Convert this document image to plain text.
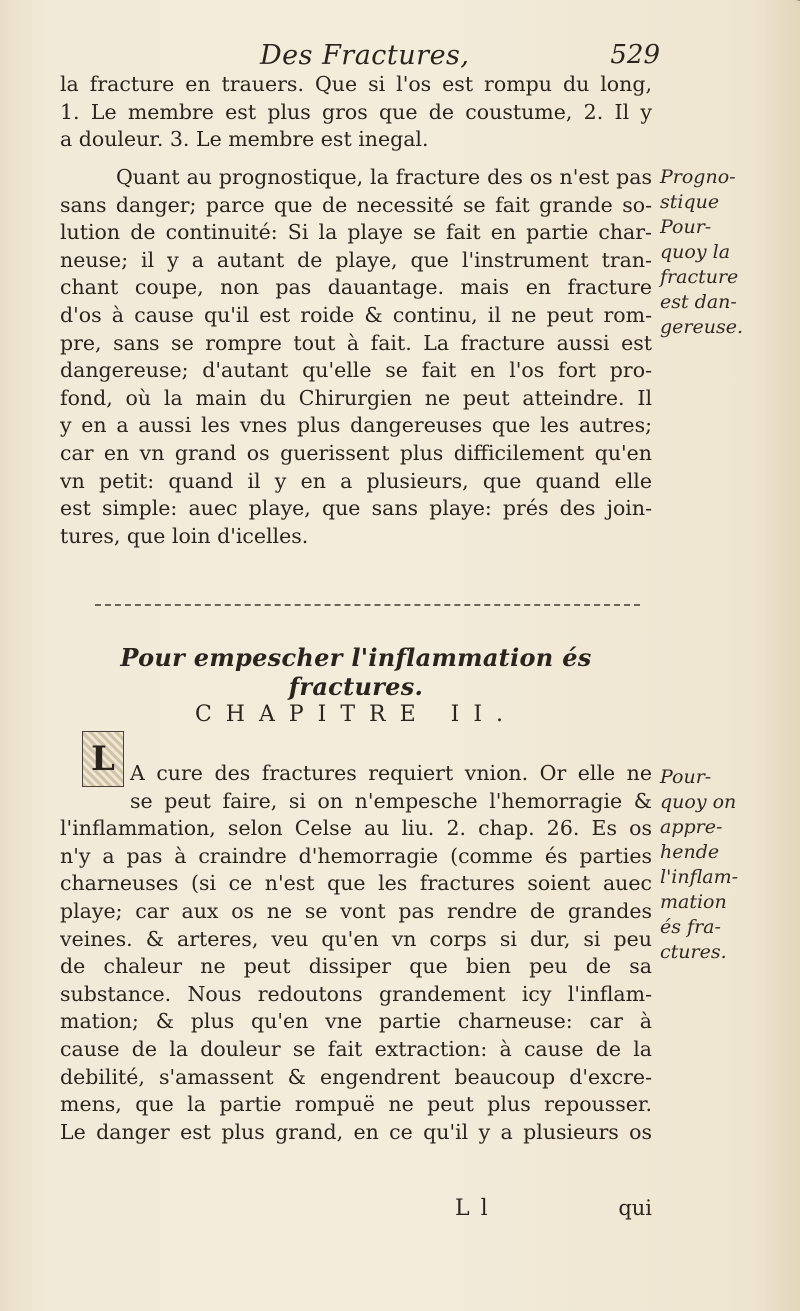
Des Fractures,	529
la fracture en trauers. Que si l'os est rompu du long,
1. Le membre est plus gros que de coustume, 2. Il y
a douleur. 3. Le membre est inegal.
Quant au prognostique, la fracture des os n'est pas
sans danger; parce que de necessité se fait grande so-
lution de continuité: Si la playe se fait en partie char-
neuse; il y a autant de playe, que l'instrument tran-
chant coupe, non pas dauantage. mais en fracture
d'os à cause qu'il est roide & continu, il ne peut rom-
pre, sans se rompre tout à fait. La fracture aussi est
dangereuse; d'autant qu'elle se fait en l'os fort pro-
fond, où la main du Chirurgien ne peut atteindre. Il
y en a aussi les vnes plus dangereuses que les autres;
car en vn grand os guerissent plus difficilement qu'en
vn petit: quand il y en a plusieurs, que quand elle
est simple: auec playe, que sans playe: prés des join-
tures, que loin d'icelles.
Progno-
stique
Pour-
quoy la
fracture
est dan-
gereuse.
Pour empescher l'inflammation és fractures.
CHAPITRE II.
L A cure des fractures requiert vnion. Or elle ne
se peut faire, si on n'empesche l'hemorragie &
l'inflammation, selon Celse au liu. 2. chap. 26. Es os
n'y a pas à craindre d'hemorragie (comme és parties
charneuses (si ce n'est que les fractures soient auec
playe; car aux os ne se vont pas rendre de grandes
veines. & arteres, veu qu'en vn corps si dur, si peu
de chaleur ne peut dissiper que bien peu de sa
substance. Nous redoutons grandement icy l'inflam-
mation; & plus qu'en vne partie charneuse: car à
cause de la douleur se fait extraction: à cause de la
debilité, s'amassent & engendrent beaucoup d'excre-
mens, que la partie rompuë ne peut plus repousser.
Le danger est plus grand, en ce qu'il y a plusieurs os
Pour-
quoy on
appre-
hende
l'inflam-
mation
és fra-
ctures.
L l	qui
